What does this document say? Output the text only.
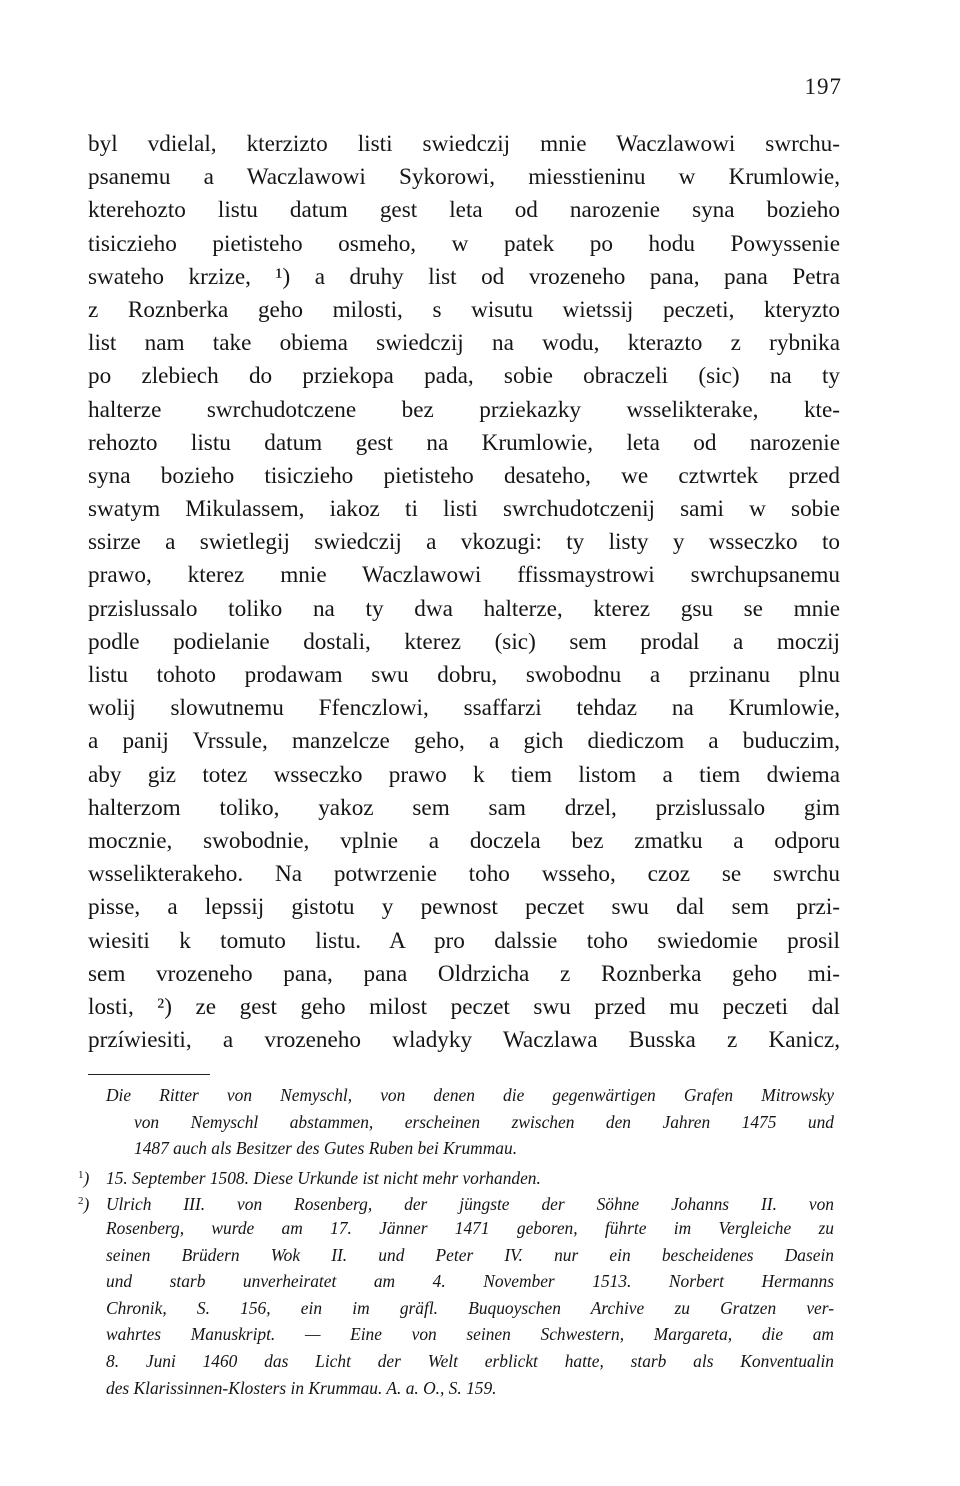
197
byl vdielal, kterzizto listi swiedczij mnie Waczlawowi swrchu-
psanemu a Waczlawowi Sykorowi, miesstieninu w Krumlowie,
kterehozto listu datum gest leta od narozenie syna bozieho
tisiczieho pietisteho osmeho, w patek po hodu Powyssenie
swateho krzize, ¹) a druhy list od vrozeneho pana, pana Petra
z Roznberka geho milosti, s wisutu wietssij peczeti, kteryzto
list nam take obiema swiedczij na wodu, kterazto z rybnika
po zlebiech do prziekopa pada, sobie obraczeli (sic) na ty
halterze swrchudotczene bez prziekazky wsselikterake, kte-
rehozto listu datum gest na Krumlowie, leta od narozenie
syna bozieho tisiczieho pietisteho desateho, we cztwrtek przed
swatym Mikulassem, iakoz ti listi swrchudotczenij sami w sobie
ssirze a swietlegij swiedczij a vkozugi: ty listy y wsseczko to
prawo, kterez mnie Waczlawowi ffissmaystrowi swrchupsanemu
przislussalo toliko na ty dwa halterze, kterez gsu se mnie
podle podielanie dostali, kterez (sic) sem prodal a moczij
listu tohoto prodawam swu dobru, swobodnu a przinanu plnu
wolij slowutnemu Ffenczlowi, ssaffarzi tehdaz na Krumlowie,
a panij Vrssule, manzelcze geho, a gich diediczom a buduczim,
aby giz totez wsseczko prawo k tiem listom a tiem dwiema
halterzom toliko, yakoz sem sam drzel, przislussalo gim
mocznie, swobodnie, vplnie a doczela bez zmatku a odporu
wsselikterakeho. Na potwrzenie toho wsseho, czoz se swrchu
pisse, a lepssij gistotu y pewnost peczet swu dal sem przi-
wiesiti k tomuto listu. A pro dalssie toho swiedomie prosil
sem vrozeneho pana, pana Oldrzicha z Roznberka geho mi-
losti, ²) ze gest geho milost peczet swu przed mu peczeti dal
przíwiesiti, a vrozeneho wladyky Waczlawa Busska z Kanicz,
Die Ritter von Nemyschl, von denen die gegenwärtigen Grafen Mitrowsky
von Nemyschl abstammen, erscheinen zwischen den Jahren 1475 und
1487 auch als Besitzer des Gutes Ruben bei Krummau.
$^1$) 15. September 1508. Diese Urkunde ist nicht mehr vorhanden.
$^2$) Ulrich III. von Rosenberg, der jüngste der Söhne Johanns II. von
Rosenberg, wurde am 17. Jänner 1471 geboren, führte im Vergleiche zu
seinen Brüdern Wok II. und Peter IV. nur ein bescheidenes Dasein
und starb unverheiratet am 4. November 1513. Norbert Hermanns
Chronik, S. 156, ein im gräfl. Buquoyschen Archive zu Gratzen ver-
wahrtes Manuskript. — Eine von seinen Schwestern, Margareta, die am
8. Juni 1460 das Licht der Welt erblickt hatte, starb als Konventualin
des Klarissinnen-Klosters in Krummau. A. a. O., S. 159.
